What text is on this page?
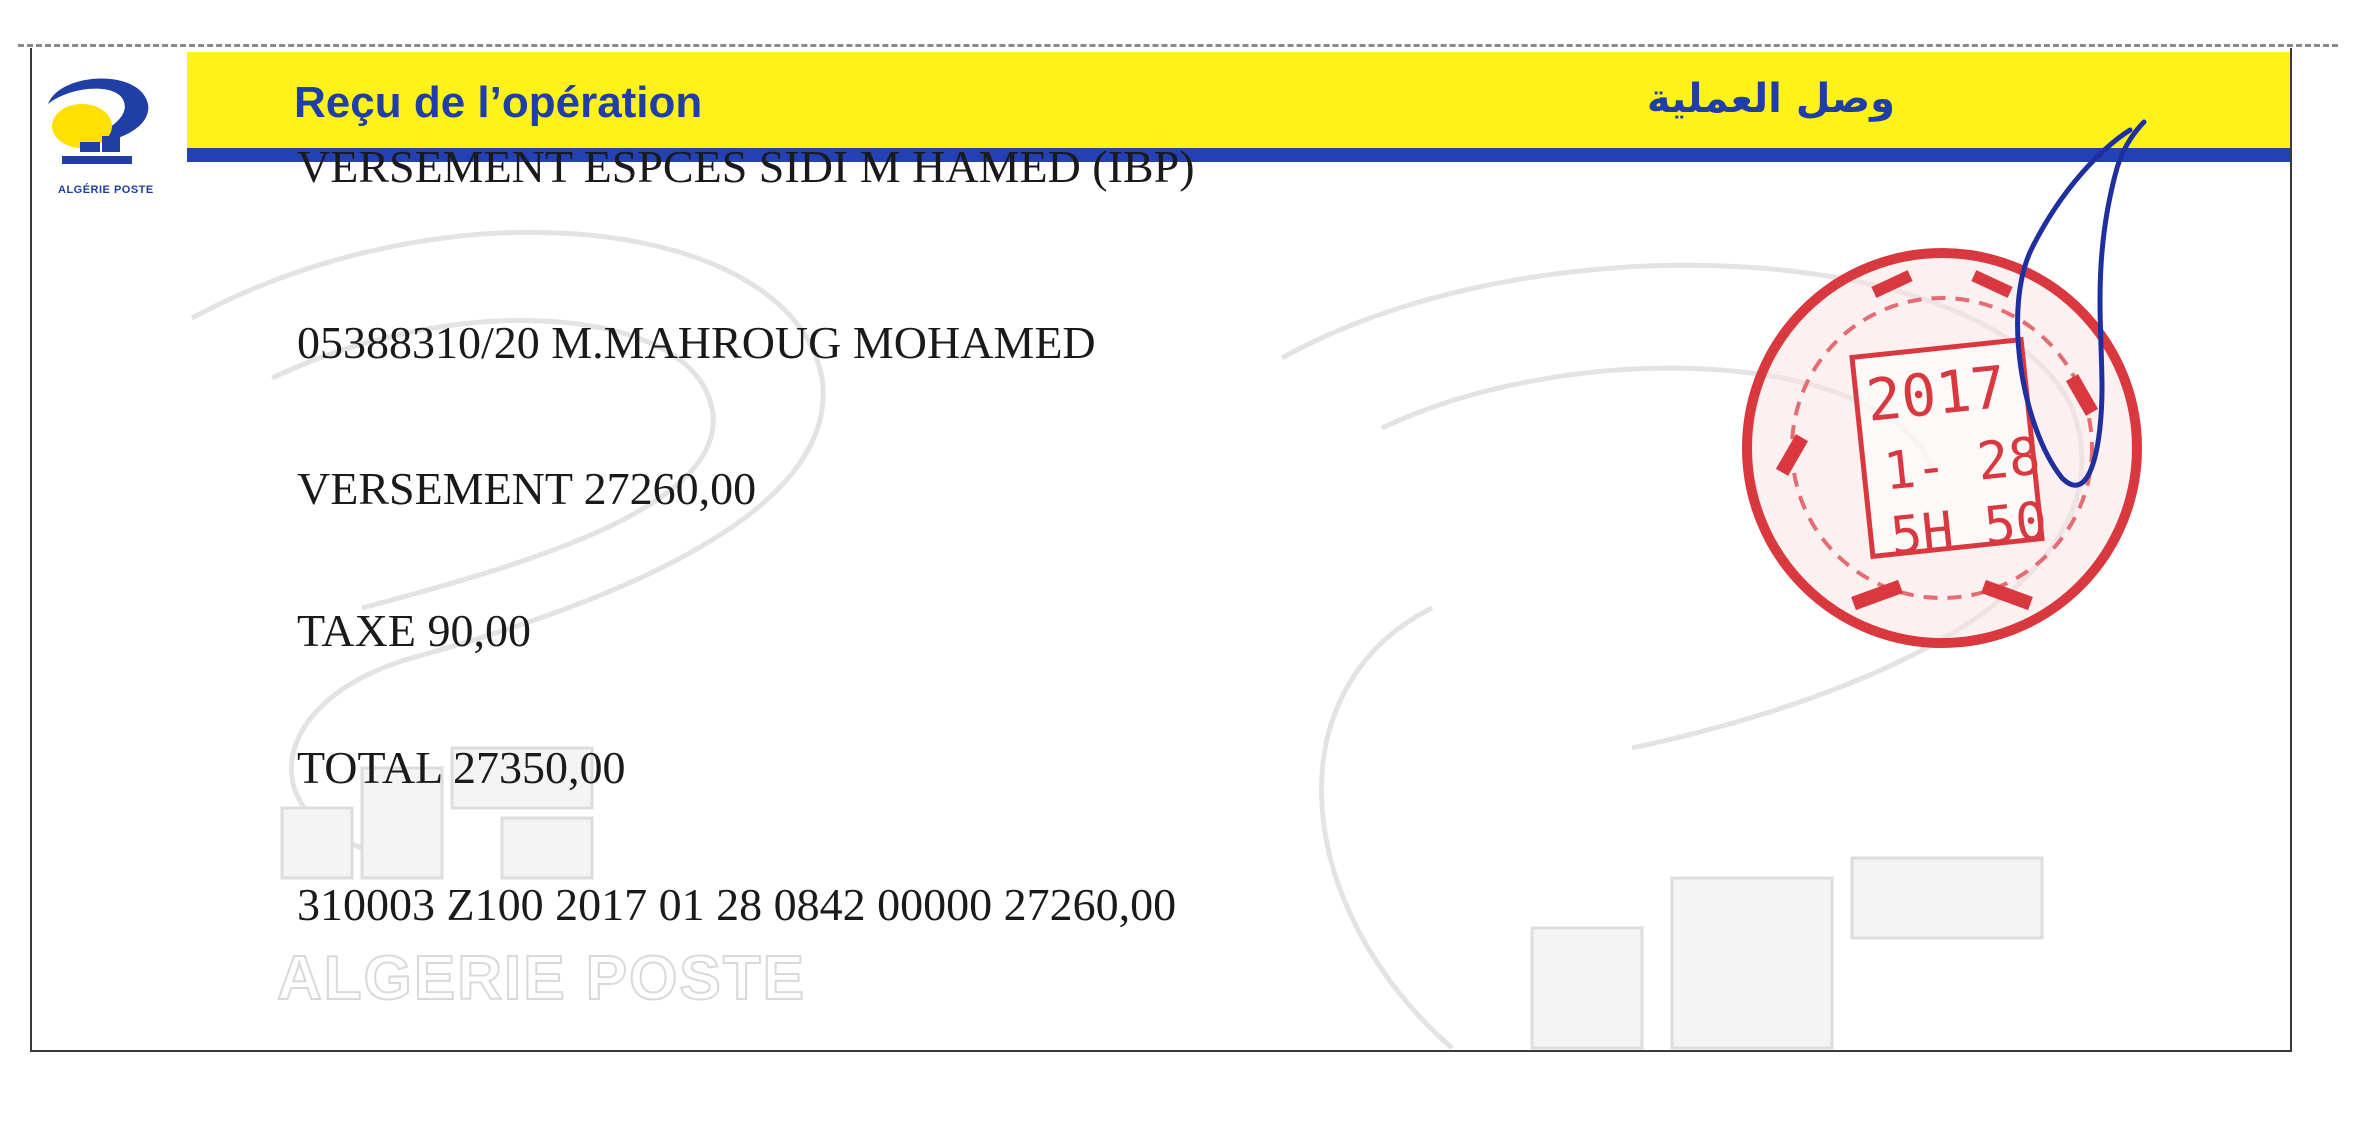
ALGERIE POSTE
ALGÉRIE POSTE
Reçu de l’opération	وصل العملية
VERSEMENT ESPCES SIDI M HAMED (IBP)
05388310/20 M.MAHROUG MOHAMED
VERSEMENT 27260,00
TAXE 90,00
TOTAL 27350,00
310003 Z100 2017 01 28 0842 00000 27260,00
2017
1- 28
5H 50
